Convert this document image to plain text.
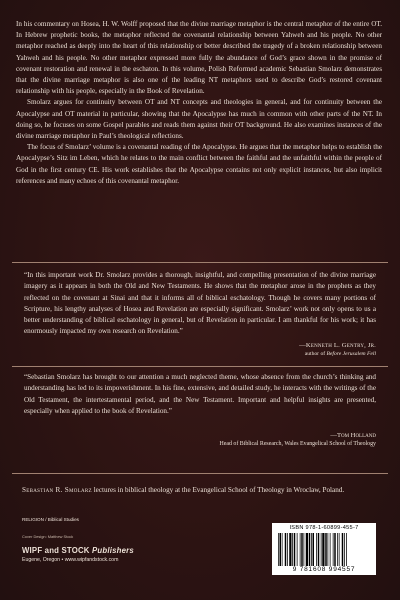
In his commentary on Hosea, H. W. Wolff proposed that the divine marriage metaphor is the central metaphor of the entire OT. In Hebrew prophetic books, the metaphor reflected the covenantal relationship between Yahweh and his people. No other metaphor reached as deeply into the heart of this relationship or better described the tragedy of a broken relationship between Yahweh and his people. No other metaphor expressed more fully the abundance of God’s grace shown in the promise of covenant restoration and renewal in the eschaton. In this volume, Polish Reformed academic Sebastian Smolarz demonstrates that the divine marriage metaphor is also one of the leading NT metaphors used to describe God’s restored covenant relationship with his people, especially in the Book of Revelation.

Smolarz argues for continuity between OT and NT concepts and theologies in general, and for continuity between the Apocalypse and OT material in particular, showing that the Apocalypse has much in common with other parts of the NT. In doing so, he focuses on some Gospel parables and reads them against their OT background. He also examines instances of the divine marriage metaphor in Paul’s theological reflections.

The focus of Smolarz’ volume is a covenantal reading of the Apocalypse. He argues that the metaphor helps to establish the Apocalypse’s Sitz im Leben, which he relates to the main conflict between the faithful and the unfaithful within the people of God in the first century CE. His work establishes that the Apocalypse contains not only explicit instances, but also implicit references and many echoes of this covenantal metaphor.

“In this important work Dr. Smolarz provides a thorough, insightful, and compelling presentation of the divine marriage imagery as it appears in both the Old and New Testaments. He shows that the metaphor arose in the prophets as they reflected on the covenant at Sinai and that it informs all of biblical eschatology. Though he covers many portions of Scripture, his lengthy analyses of Hosea and Revelation are especially significant. Smolarz’ work not only opens to us a better understanding of biblical eschatology in general, but of Revelation in particular. I am thankful for his work; it has enormously impacted my own research on Revelation.”

—Kenneth L. Gentry, Jr.
author of Before Jerusalem Fell

“Sebastian Smolarz has brought to our attention a much neglected theme, whose absence from the church’s thinking and understanding has led to its impoverishment. In his fine, extensive, and detailed study, he interacts with the writings of the Old Testament, the intertestamental period, and the New Testament. Important and helpful insights are presented, especially when applied to the book of Revelation.”

—Tom Holland
Head of Biblical Research, Wales Evangelical School of Theology
Sebastian R. Smolarz lectures in biblical theology at the Evangelical School of Theology in Wroclaw, Poland.
RELIGION / Biblical Studies
Cover Design: Matthew Stock
WIPF and STOCK Publishers
Eugene, Oregon • www.wipfandstock.com
ISBN 978-1-60899-455-7
9 781608 994557
